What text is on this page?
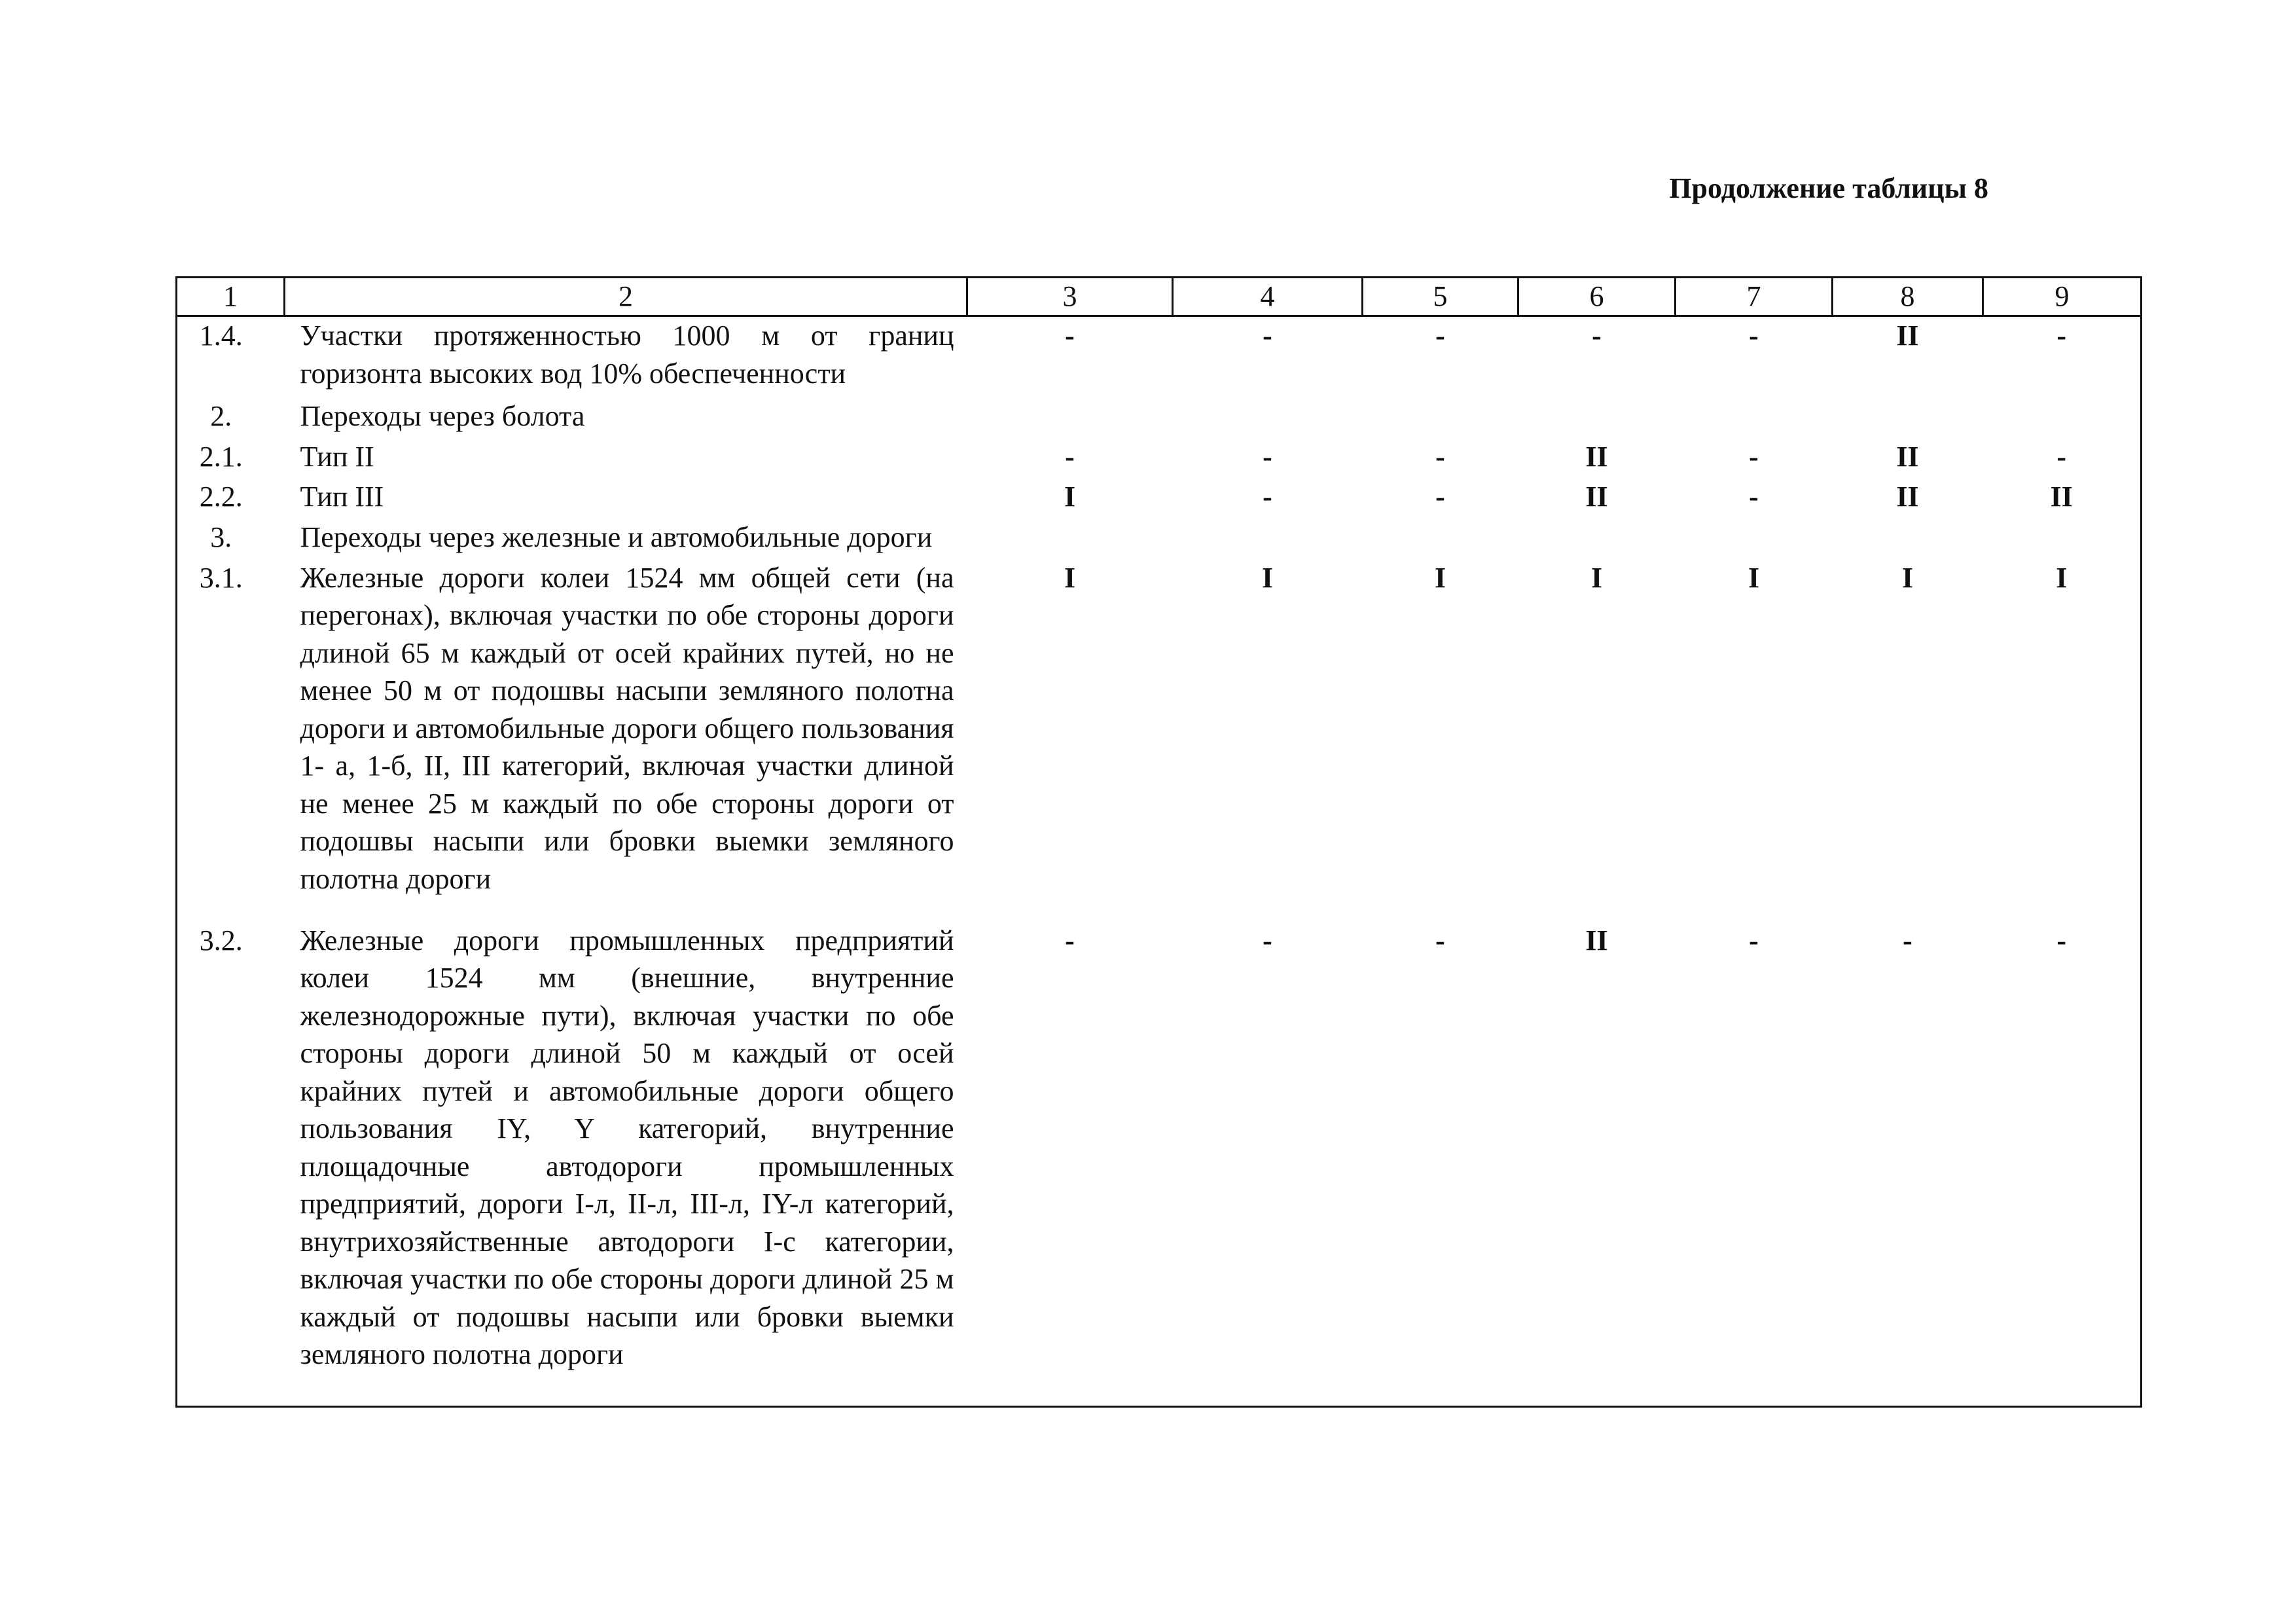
Продолжение таблицы 8
1	2	3	4	5	6	7	8	9
1.4.	Участки протяженностью 1000 м от границ горизонта высоких вод 10% обеспеченности	-	-	-	-	-	II	-
2.	Переходы через болота							
2.1.	Тип II	-	-	-	II	-	II	-
2.2.	Тип III	I	-	-	II	-	II	II
3.	Переходы через железные и автомобильные дороги							
3.1.	Железные дороги колеи 1524 мм общей сети (на перегонах), включая участки по обе стороны дороги длиной 65 м каждый от осей крайних путей, но не менее 50 м от подошвы насыпи земляного полотна дороги и автомобильные дороги общего пользования 1- а, 1-б, II, III категорий, включая участки длиной не менее 25 м каждый по обе стороны дороги от подошвы насыпи или бровки выемки земляного полотна дороги	I	I	I	I	I	I	I
3.2.	Железные дороги промышленных предприятий колеи 1524 мм (внешние, внутренние железнодорожные пути), включая участки по обе стороны дороги длиной 50 м каждый от осей крайних путей и автомобильные дороги общего пользования IY, Y категорий, внутренние площадочные автодороги промышленных предприятий, дороги I-л, II-л, III-л, IY-л категорий, внутрихозяйственные автодороги I-с категории, включая участки по обе стороны дороги длиной 25 м каждый от подошвы насыпи или бровки выемки земляного полотна дороги	-	-	-	II	-	-	-
